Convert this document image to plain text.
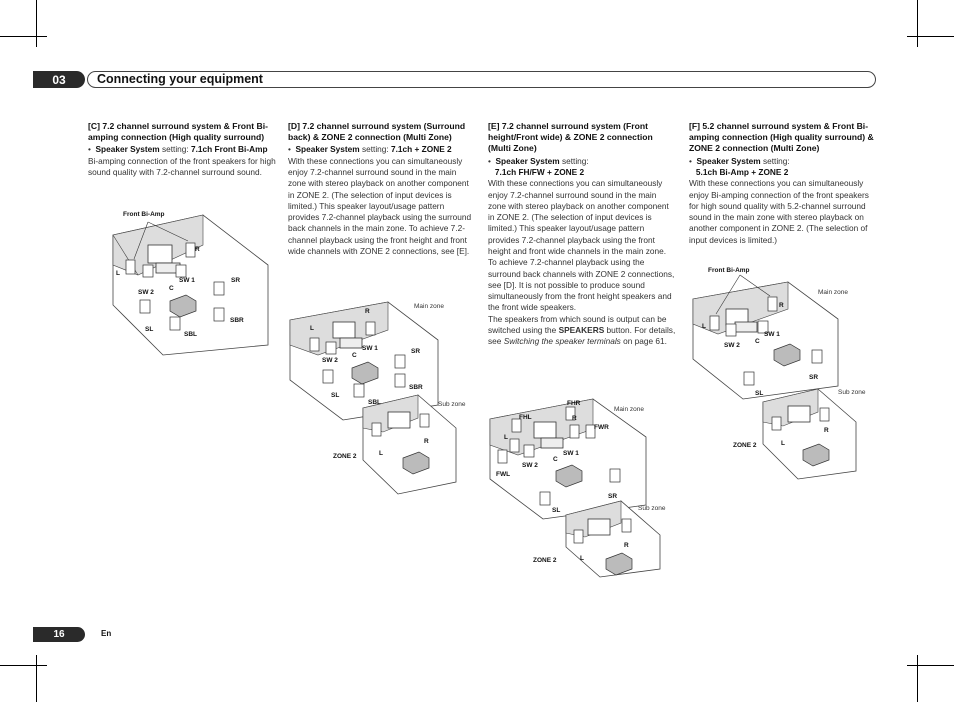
03	Connecting your equipment
[C] 7.2 channel surround system & Front Bi-amping connection (High quality surround)

•  Speaker System setting: 7.1ch Front Bi-Amp

Bi-amping connection of the front speakers for high sound quality with 7.2-channel surround sound.

[D] 7.2 channel surround system (Surround back) & ZONE 2 connection (Multi Zone)

•  Speaker System setting: 7.1ch + ZONE 2

With these connections you can simultaneously enjoy 7.2-channel surround sound in the main zone with stereo playback on another component in ZONE 2. (The selection of input devices is limited.) This speaker layout/usage pattern provides 7.2-channel playback using the surround back channels in the main zone. To achieve 7.2-channel playback using the front height and front wide channels with ZONE 2 connections, see [E].

[E] 7.2 channel surround system (Front height/Front wide) & ZONE 2 connection (Multi Zone)

•  Speaker System setting:
7.1ch FH/FW + ZONE 2

With these connections you can simultaneously enjoy 7.2-channel surround sound in the main zone with stereo playback on another component in ZONE 2. (The selection of input devices is limited.) This speaker layout/usage pattern provides 7.2-channel playback using the front height and front wide channels in the main zone. To achieve 7.2-channel playback using the surround back channels with ZONE 2 connections, see [D]. It is not possible to produce sound simultaneously from the front height speakers and the front wide speakers.

The speakers from which sound is output can be switched using the SPEAKERS button. For details, see Switching the speaker terminals on page 61.

[F] 5.2 channel surround system & Front Bi-amping connection (High quality surround) & ZONE 2 connection (Multi Zone)

•  Speaker System setting:
5.1ch Bi-Amp + ZONE 2

With these connections you can simultaneously enjoy Bi-amping connection of the front speakers for high sound quality with 5.2-channel surround sound in the main zone with stereo playback on another component in ZONE 2. (The selection of input devices is limited.)

Front Bi-Amp
L
R
SW 2
SW 1
C
SR
SL
SBL
SBR
Main zone
Sub zone
ZONE 2
L
R
SW 2
SW 1
C
SR
SL
SBL
SBR
L
R
Main zone
Sub zone
ZONE 2
FHL
FHR
L
R
FWR
FWL
SW 2
SW 1
C
SR
SL
L
R
Front Bi-Amp
Main zone
Sub zone
ZONE 2
L
R
SW 2
SW 1
C
SR
SL
L
R
16	En
